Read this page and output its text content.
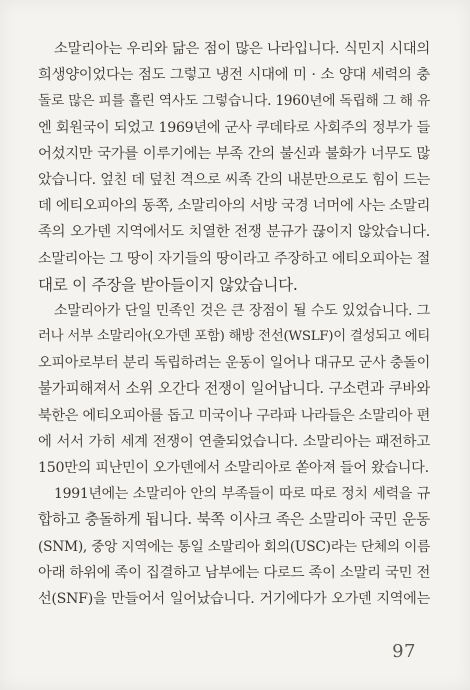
소말리아는 우리와 닮은 점이 많은 나라입니다. 식민지 시대의
희생양이었다는 점도 그렇고 냉전 시대에 미 · 소 양대 세력의 충
돌로 많은 피를 흘린 역사도 그렇습니다. 1960년에 독립해 그 해 유
엔 회원국이 되었고 1969년에 군사 쿠데타로 사회주의 정부가 들
어섰지만 국가를 이루기에는 부족 간의 불신과 불화가 너무도 많
았습니다. 엎친 데 덮친 격으로 씨족 간의 내분만으로도 힘이 드는
데 에티오피아의 동쪽, 소말리아의 서방 국경 너머에 사는 소말리
족의 오가덴 지역에서도 치열한 전쟁 분규가 끊이지 않았습니다.
소말리아는 그 땅이 자기들의 땅이라고 주장하고 에티오피아는 절
대로 이 주장을 받아들이지 않았습니다.
소말리아가 단일 민족인 것은 큰 장점이 될 수도 있었습니다. 그
러나 서부 소말리아(오가덴 포함) 해방 전선(WSLF)이 결성되고 에티
오피아로부터 분리 독립하려는 운동이 일어나 대규모 군사 충돌이
불가피해져서 소위 오간다 전쟁이 일어납니다. 구소련과 쿠바와
북한은 에티오피아를 돕고 미국이나 구라파 나라들은 소말리아 편
에 서서 가히 세계 전쟁이 연출되었습니다. 소말리아는 패전하고
150만의 피난민이 오가덴에서 소말리아로 쏟아져 들어 왔습니다.
1991년에는 소말리아 안의 부족들이 따로 따로 정치 세력을 규
합하고 충돌하게 됩니다. 북쪽 이사크 족은 소말리아 국민 운동
(SNM), 중앙 지역에는 통일 소말리아 회의(USC)라는 단체의 이름
아래 하위에 족이 집결하고 남부에는 다로드 족이 소말리 국민 전
선(SNF)을 만들어서 일어났습니다. 거기에다가 오가덴 지역에는
97
